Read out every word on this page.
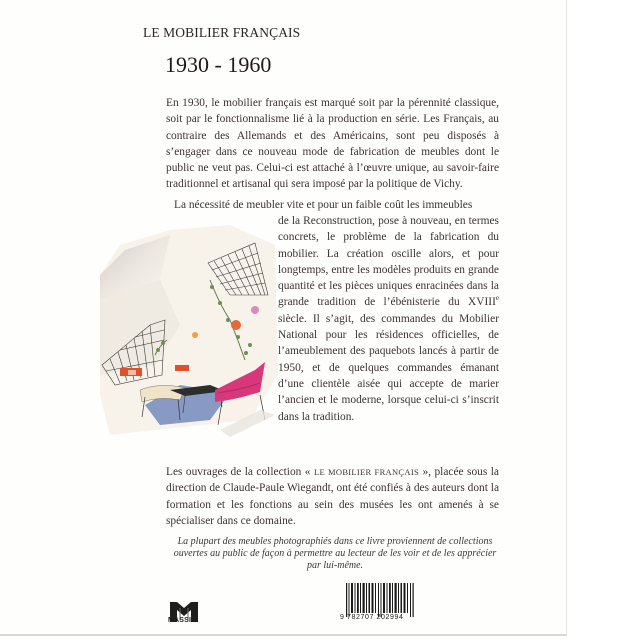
LE MOBILIER FRANÇAIS
1930 - 1960

En 1930, le mobilier français est marqué soit par la pérennité classique, soit par le fonctionnalisme lié à la production en série. Les Français, au contraire des Allemands et des Américains, sont peu disposés à s’engager dans ce nouveau mode de fabrication de meubles dont le public ne veut pas. Celui-ci est attaché à l’œuvre unique, au savoir-faire traditionnel et artisanal qui sera imposé par la politique de Vichy.

La nécessité de meubler vite et pour un faible coût les immeubles

de la Reconstruction, pose à nouveau, en termes concrets, le problème de la fabrication du mobilier. La création oscille alors, et pour longtemps, entre les modèles produits en grande quantité et les pièces uniques enracinées dans la grande tradition de l’ébénisterie du XVIIIe siècle. Il s’agit, des commandes du Mobilier National pour les résidences officielles, de l’ameublement des paquebots lancés à partir de 1950, et de quelques commandes émanant d’une clientèle aisée qui accepte de marier l’ancien et le moderne, lorsque celui-ci s’inscrit dans la tradition.

Les ouvrages de la collection « LE MOBILIER FRANÇAIS », placée sous la direction de Claude-Paule Wiegandt, ont été confiés à des auteurs dont la formation et les fonctions au sein des musées les ont amenés à se spécialiser dans ce domaine.

La plupart des meubles photographiés dans ce livre proviennent de collections ouvertes au public de façon à permettre au lecteur de les voir et de les apprécier par lui-même.

MASSIN	9 782707 202994
